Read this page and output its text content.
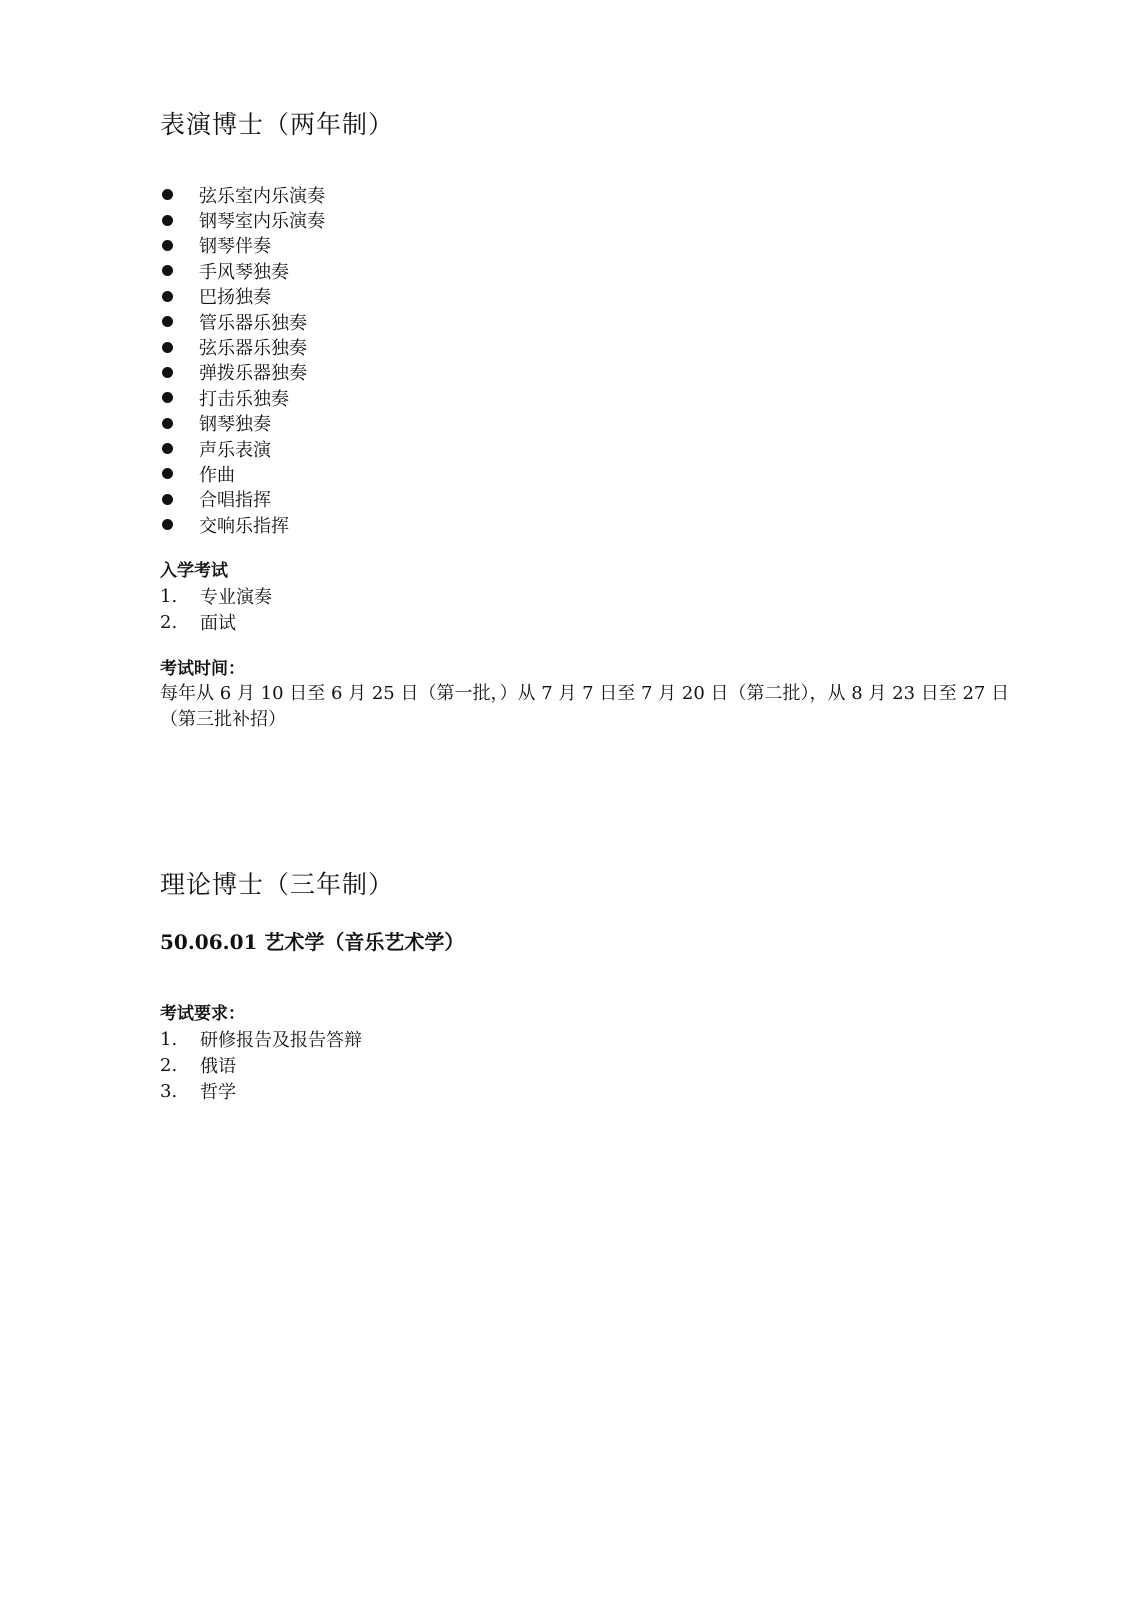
表演博士（两年制）
弦乐室内乐演奏
钢琴室内乐演奏
钢琴伴奏
手风琴独奏
巴扬独奏
管乐器乐独奏
弦乐器乐独奏
弹拨乐器独奏
打击乐独奏
钢琴独奏
声乐表演
作曲
合唱指挥
交响乐指挥

入学考试

1.	专业演奏
2.	面试

考试时间：

每年从 6 月 10 日至 6 月 25 日（第一批，）从 7 月 7 日至 7 月 20 日（第二批），从 8 月 23 日至 27 日（第三批补招）

理论博士（三年制）

50.06.01 艺术学（音乐艺术学）

考试要求：

1.	研修报告及报告答辩
2.	俄语
3.	哲学
